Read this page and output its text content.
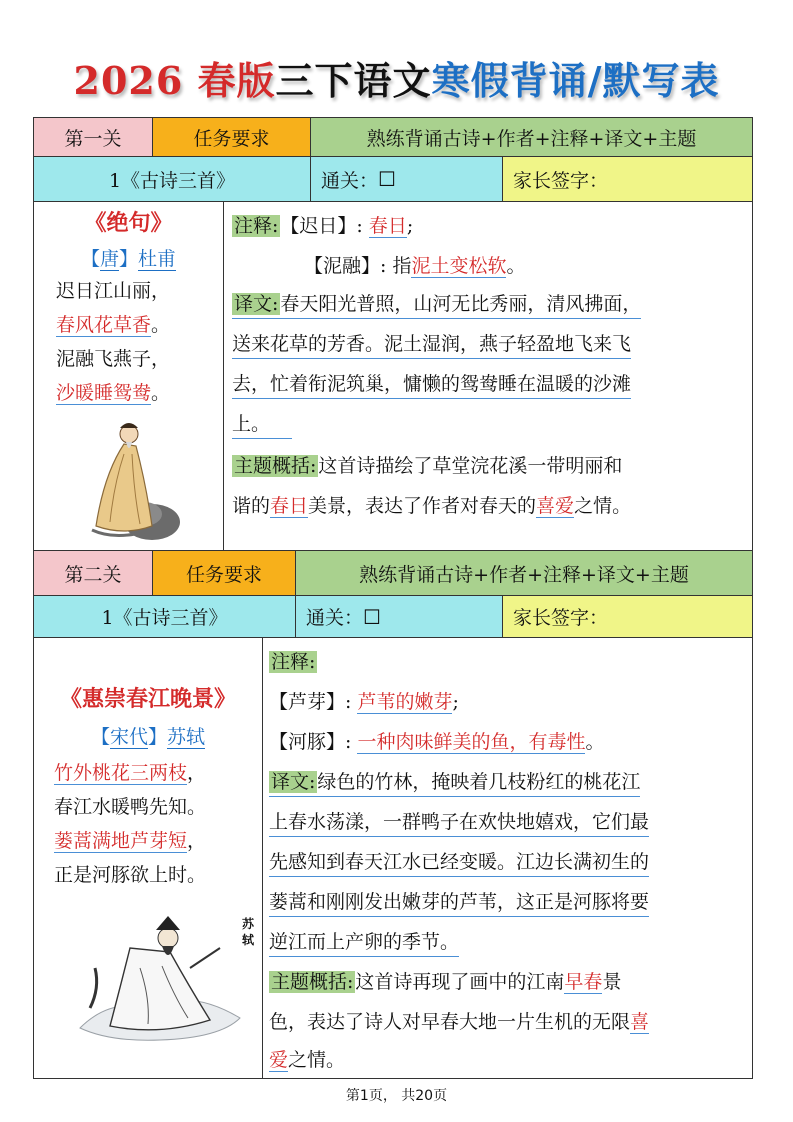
2026 春版三下语文寒假背诵/默写表
第一关	任务要求	熟练背诵古诗+作者+注释+译文+主题
1《古诗三首》	通关： ☐	家长签字：
《绝句》
【唐】杜甫
迟日江山丽，
春风花草香。
泥融飞燕子，
沙暖睡鸳鸯。
注释: 【迟日】: 春日;
【泥融】: 指泥土变松软。
译文: 春天阳光普照，山河无比秀丽，清风拂面，
送来花草的芳香。泥土湿润，燕子轻盈地飞来飞
去，忙着衔泥筑巢，慵懒的鸳鸯睡在温暖的沙滩
上。
主题概括: 这首诗描绘了草堂浣花溪一带明丽和
谐的春日美景，表达了作者对春天的喜爱之情。
第二关	任务要求	熟练背诵古诗+作者+注释+译文+主题
1《古诗三首》	通关： ☐	家长签字：
《惠崇春江晚景》
【宋代】苏轼
竹外桃花三两枝，
春江水暖鸭先知。
蒌蒿满地芦芽短，
正是河豚欲上时。
苏轼
注释:
【芦芽】: 芦苇的嫩芽;
【河豚】: 一种肉味鲜美的鱼，有毒性。
译文: 绿色的竹林，掩映着几枝粉红的桃花江
上春水荡漾，一群鸭子在欢快地嬉戏，它们最
先感知到春天江水已经变暖。江边长满初生的
蒌蒿和刚刚发出嫩芽的芦苇，这正是河豚将要
逆江而上产卵的季节。
主题概括: 这首诗再现了画中的江南早春景
色，表达了诗人对早春大地一片生机的无限喜
爱之情。
第1页， 共20页
